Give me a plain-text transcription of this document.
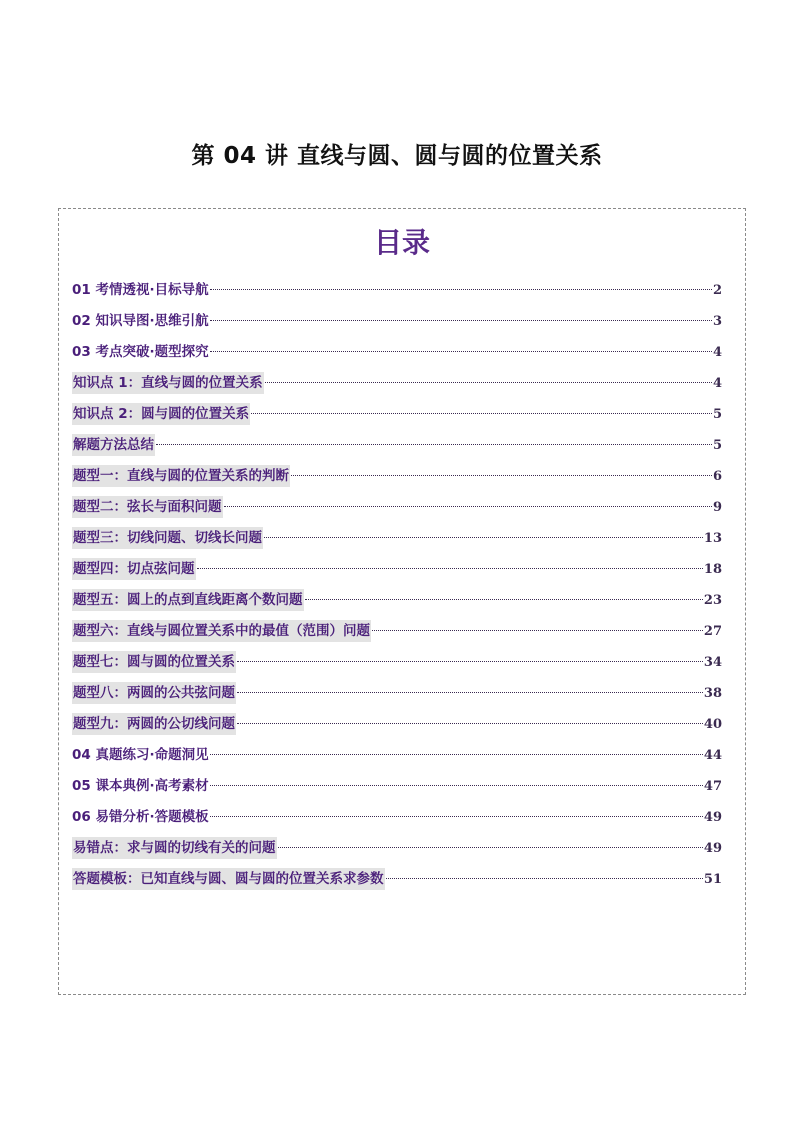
第 04 讲 直线与圆、圆与圆的位置关系
目录
01 考情透视·目标导航	2
02 知识导图·思维引航	3
03 考点突破·题型探究	4
知识点 1：直线与圆的位置关系	4
知识点 2：圆与圆的位置关系	5
解题方法总结	5
题型一：直线与圆的位置关系的判断	6
题型二：弦长与面积问题	9
题型三：切线问题、切线长问题	13
题型四：切点弦问题	18
题型五：圆上的点到直线距离个数问题	23
题型六：直线与圆位置关系中的最值（范围）问题	27
题型七：圆与圆的位置关系	34
题型八：两圆的公共弦问题	38
题型九：两圆的公切线问题	40
04 真题练习·命题洞见	44
05 课本典例·高考素材	47
06 易错分析·答题模板	49
易错点：求与圆的切线有关的问题	49
答题模板：已知直线与圆、圆与圆的位置关系求参数	51
